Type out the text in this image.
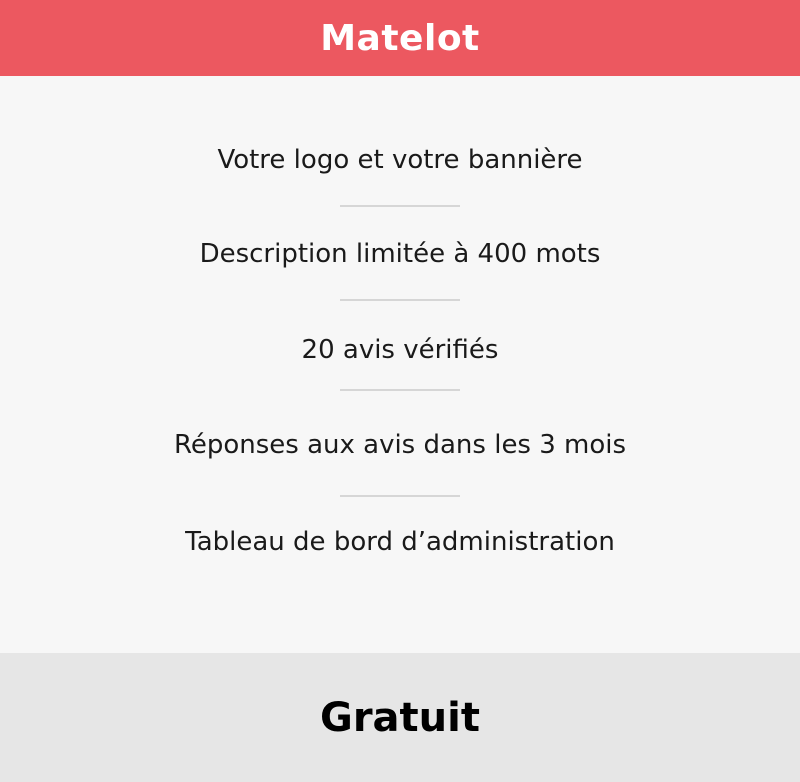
Matelot
Votre logo et votre bannière
Description limitée à 400 mots
20 avis vérifiés
Réponses aux avis dans les 3 mois
Tableau de bord d’administration
Gratuit
